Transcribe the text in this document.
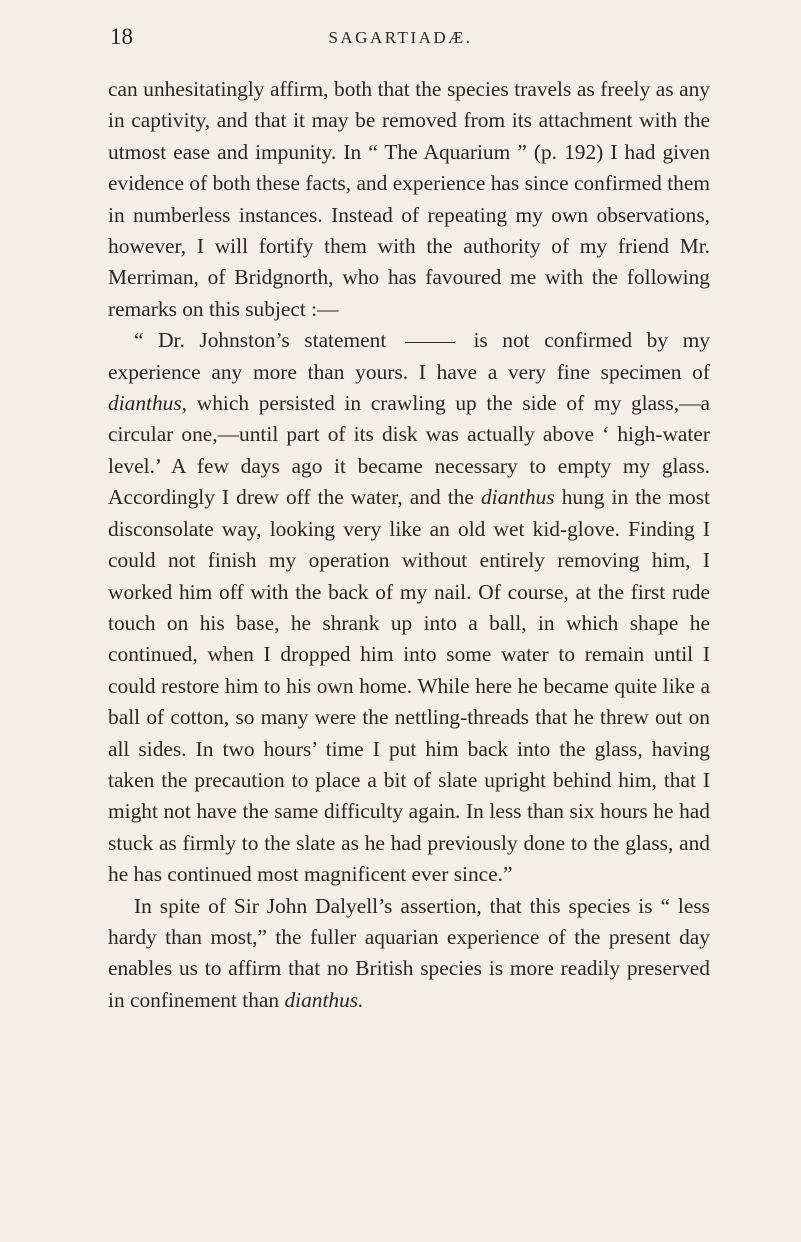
18	SAGARTIADÆ.

can unhesitatingly affirm, both that the species travels as freely as any in captivity, and that it may be removed from its attachment with the utmost ease and impunity. In “ The Aquarium ” (p. 192) I had given evidence of both these facts, and experience has since confirmed them in numberless instances. Instead of repeating my own observations, however, I will fortify them with the authority of my friend Mr. Merriman, of Bridgnorth, who has favoured me with the following remarks on this subject :—

“ Dr. Johnston’s statement	is not confirmed by my experience any more than yours. I have a very fine specimen of dianthus, which persisted in crawling up the side of my glass,—a circular one,—until part of its disk was actually above ‘ high-water level.’ A few days ago it became necessary to empty my glass. Accordingly I drew off the water, and the dianthus hung in the most disconsolate way, looking very like an old wet kid-glove. Finding I could not finish my operation without entirely removing him, I worked him off with the back of my nail. Of course, at the first rude touch on his base, he shrank up into a ball, in which shape he continued, when I dropped him into some water to remain until I could restore him to his own home. While here he became quite like a ball of cotton, so many were the nettling-threads that he threw out on all sides. In two hours’ time I put him back into the glass, having taken the precaution to place a bit of slate upright behind him, that I might not have the same difficulty again. In less than six hours he had stuck as firmly to the slate as he had previously done to the glass, and he has continued most magnificent ever since.”

In spite of Sir John Dalyell’s assertion, that this species is “ less hardy than most,” the fuller aquarian experience of the present day enables us to affirm that no British species is more readily preserved in confinement than dianthus.
